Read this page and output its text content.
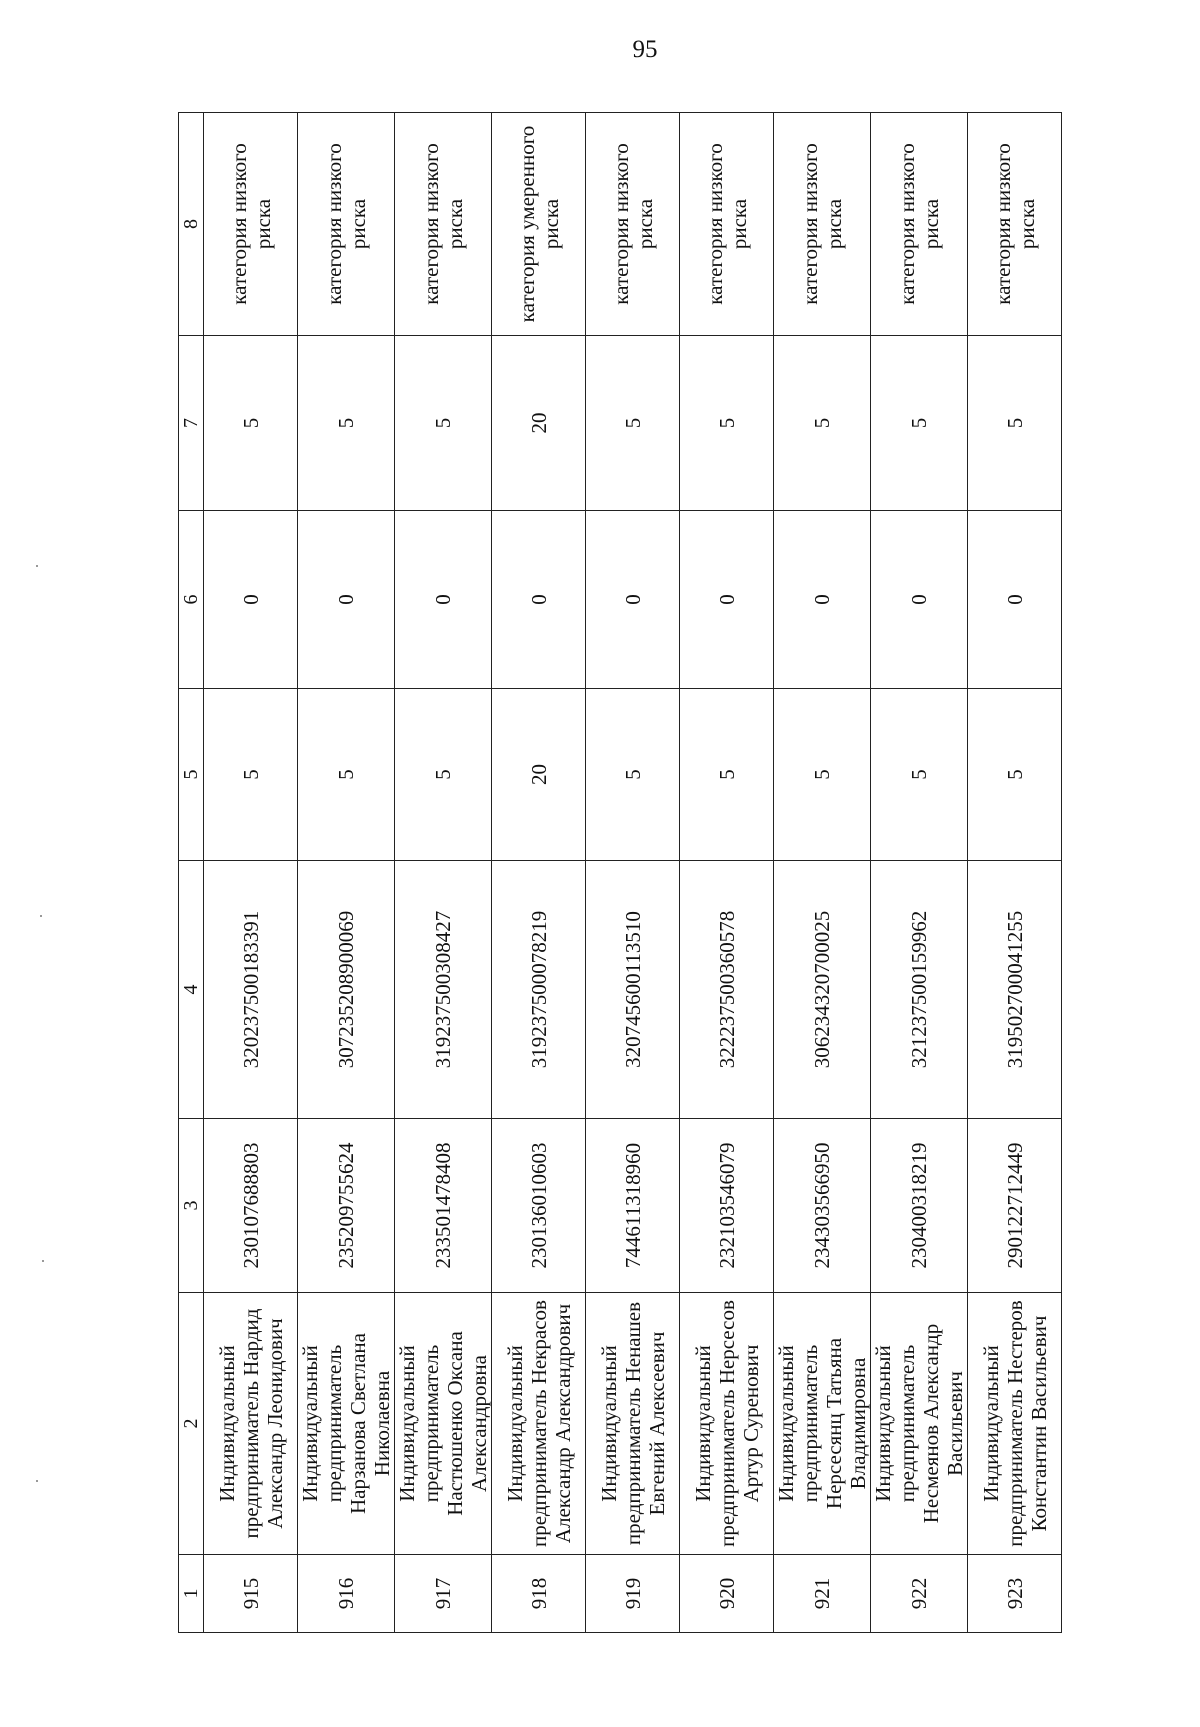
95
1	2	3	4	5	6	7	8
915	Индивидуальный предприниматель Нардид Александр Леонидович	230107688803	320237500183391	5	0	5	категория низкого риска
916	Индивидуальный предприниматель Нарзанова Светлана Николаевна	235209755624	307235208900069	5	0	5	категория низкого риска
917	Индивидуальный предприниматель Настюшенко Оксана Александровна	233501478408	319237500308427	5	0	5	категория низкого риска
918	Индивидуальный предприниматель Некрасов Александр Александрович	230136010603	319237500078219	20	0	20	категория умеренного риска
919	Индивидуальный предприниматель Ненашев Евгений Алексеевич	744611318960	320745600113510	5	0	5	категория низкого риска
920	Индивидуальный предприниматель Нерсесов Артур Суренович	232103546079	322237500360578	5	0	5	категория низкого риска
921	Индивидуальный предприниматель Нерсесянц Татьяна Владимировна	234303566950	306234320700025	5	0	5	категория низкого риска
922	Индивидуальный предприниматель Несмеянов Александр Васильевич	230400318219	321237500159962	5	0	5	категория низкого риска
923	Индивидуальный предприниматель Нестеров Константин Васильевич	290122712449	319502700041255	5	0	5	категория низкого риска
